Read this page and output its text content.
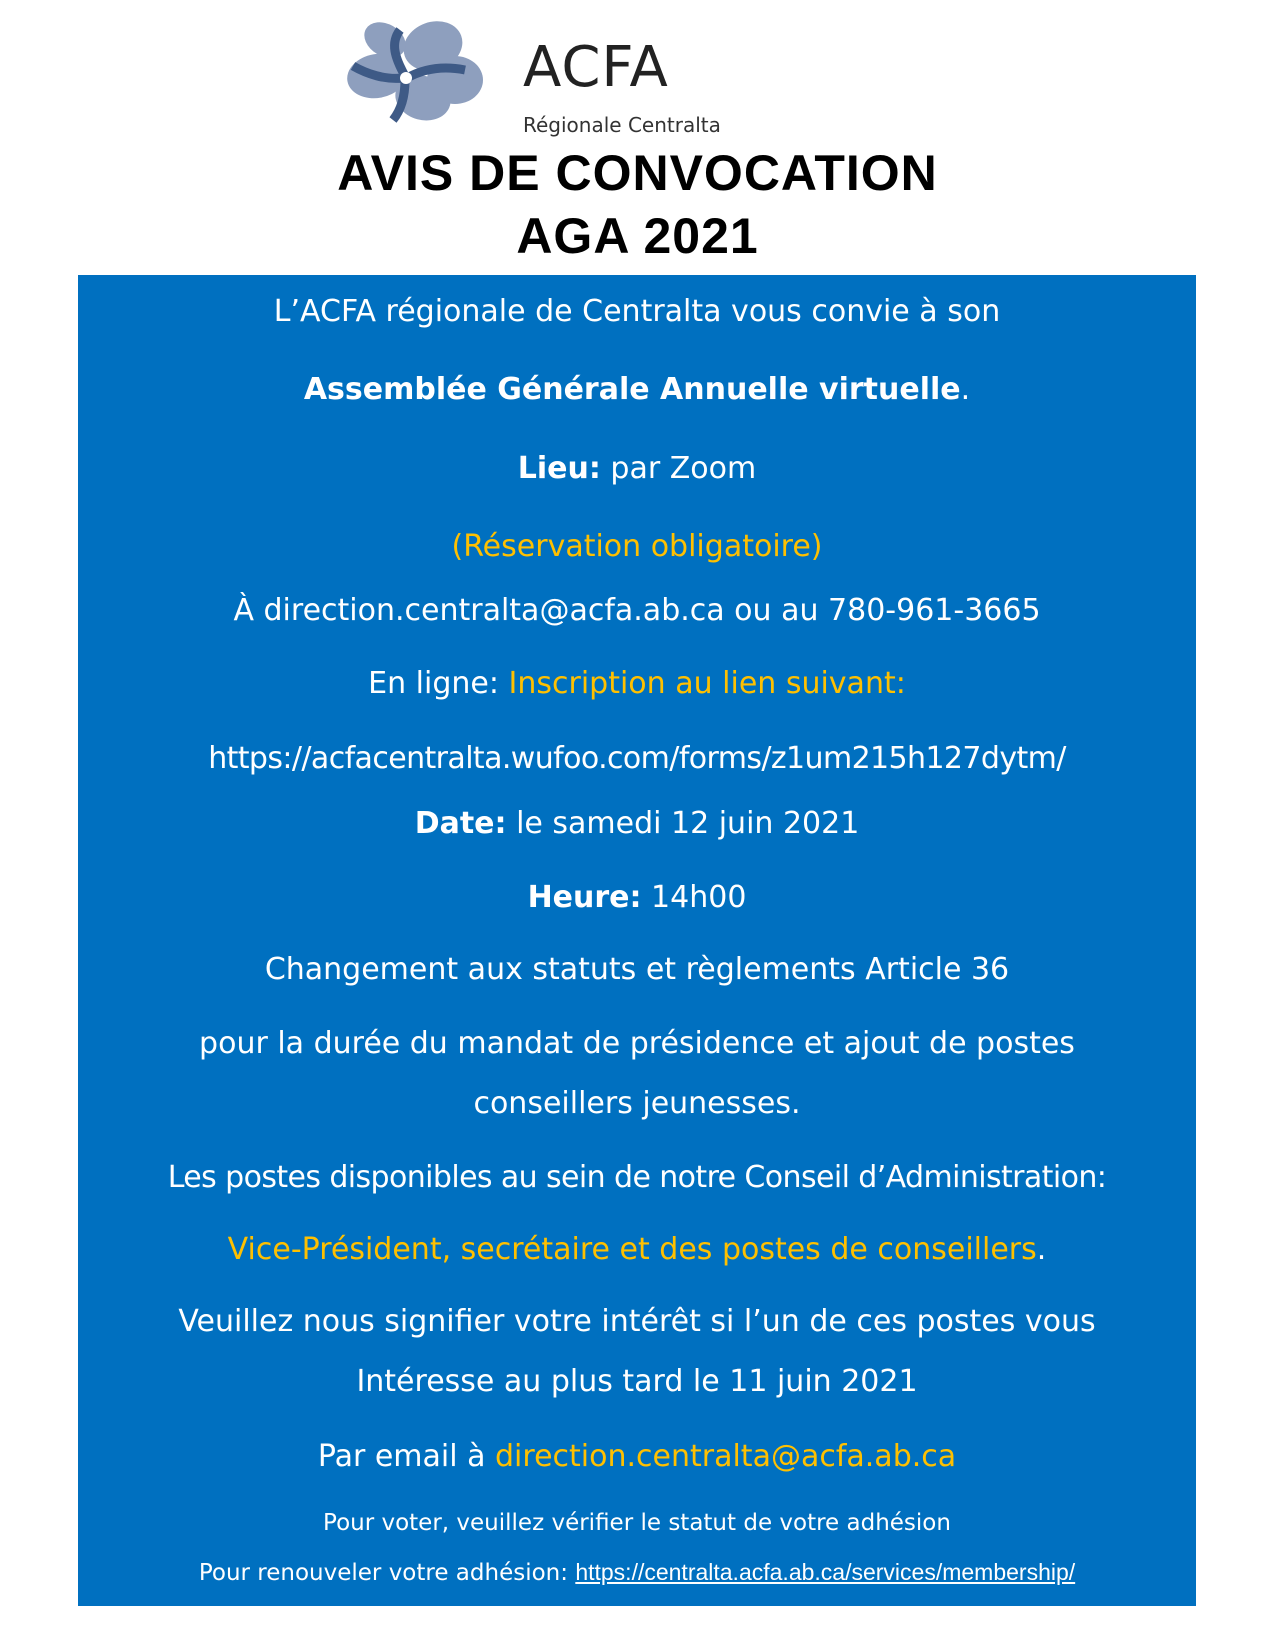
ACFA
Régionale Centralta
AVIS DE CONVOCATION
AGA 2021
L’ACFA régionale de Centralta vous convie à son
Assemblée Générale Annuelle virtuelle.
Lieu: par Zoom
(Réservation obligatoire)
À direction.centralta@acfa.ab.ca ou au 780-961-3665
En ligne: Inscription au lien suivant:
https://acfacentralta.wufoo.com/forms/z1um215h127dytm/
Date: le samedi 12 juin 2021
Heure: 14h00
Changement aux statuts et règlements Article 36
pour la durée du mandat de présidence et ajout de postes
conseillers jeunesses.
Les postes disponibles au sein de notre Conseil d’Administration:
Vice-Président, secrétaire et des postes de conseillers.
Veuillez nous signifier votre intérêt si l’un de ces postes vous
Intéresse au plus tard le 11 juin 2021
Par email à direction.centralta@acfa.ab.ca
Pour voter, veuillez vérifier le statut de votre adhésion
Pour renouveler votre adhésion: https://centralta.acfa.ab.ca/services/membership/
